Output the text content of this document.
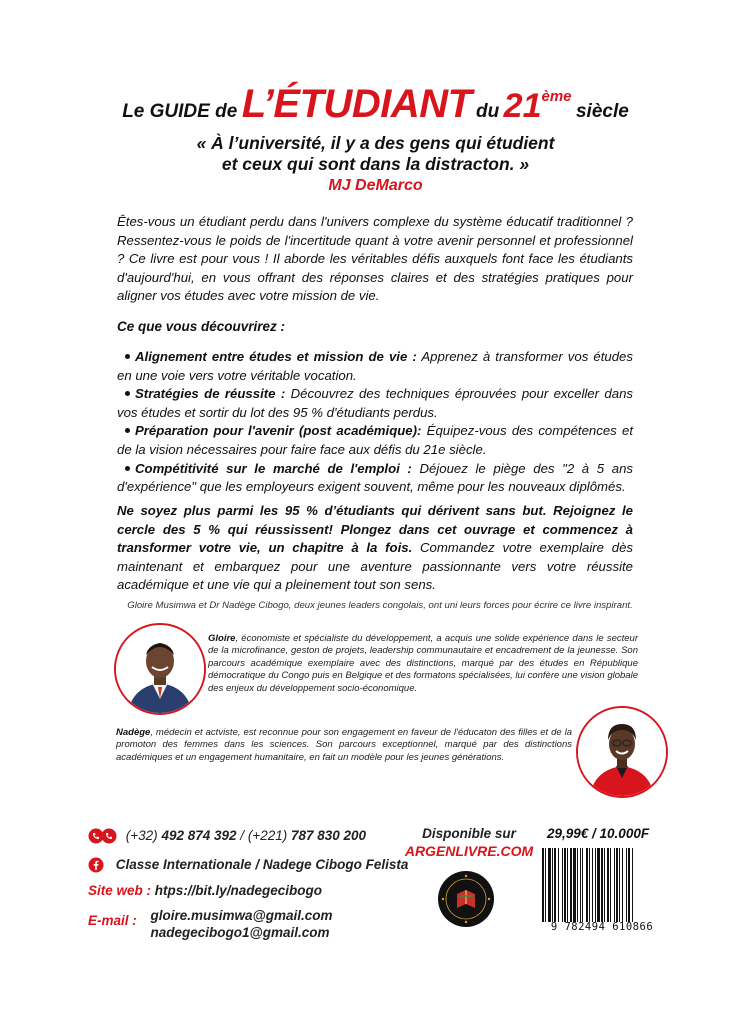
Le GUIDE de L’ÉTUDIANT du 21ème siècle
« À l’université, il y a des gens qui étudient
et ceux qui sont dans la distracton. »
MJ DeMarco
Êtes-vous un étudiant perdu dans l'univers complexe du système éducatif traditionnel ? Ressentez-vous le poids de l'incertitude quant à votre avenir personnel et professionnel ? Ce livre est pour vous ! Il aborde les véritables défis auxquels font face les étudiants d'aujourd'hui, en vous offrant des réponses claires et des stratégies pratiques pour aligner vos études avec votre mission de vie.
Ce que vous découvrirez :
Alignement entre études et mission de vie : Apprenez à transformer vos études en une voie vers votre véritable vocation.
Stratégies de réussite : Découvrez des techniques éprouvées pour exceller dans vos études et sortir du lot des 95 % d'étudiants perdus.
Préparation pour l'avenir (post académique): Équipez-vous des compétences et de la vision nécessaires pour faire face aux défis du 21e siècle.
Compétitivité sur le marché de l'emploi : Déjouez le piège des "2 à 5 ans d'expérience" que les employeurs exigent souvent, même pour les nouveaux diplômés.
Ne soyez plus parmi les 95 % d’étudiants qui dérivent sans but. Rejoignez le cercle des 5 % qui réussissent! Plongez dans cet ouvrage et commencez à transformer votre vie, un chapitre à la fois. Commandez votre exemplaire dès maintenant et embarquez pour une aventure passionnante vers votre réussite académique et une vie qui a pleinement tout son sens.
Gloire Musimwa et Dr Nadège Cibogo, deux jeunes leaders congolais, ont uni leurs forces pour écrire ce livre inspirant.
Gloire, économiste et spécialiste du développement, a acquis une solide expérience dans le secteur de la microfinance, geston de projets, leadership communautaire et encadrement de la jeunesse. Son parcours académique exemplaire avec des distinctions, marqué par des études en République démocratique du Congo puis en Belgique et des formatons spécialisées, lui confère une vision globale des enjeux du développement socio-économique.
Nadège, médecin et actviste, est reconnue pour son engagement en faveur de l'éducaton des filles et de la promoton des femmes dans les sciences. Son parcours exceptionnel, marqué par des distinctions académiques et un engagement humanitaire, en fait un modèle pour les jeunes générations.
(+32) 492 874 392 / (+221) 787 830 200
Classe Internationale / Nadege Cibogo Felista
Site web : htps://bit.ly/nadegecibogo
E-mail : gloire.musimwa@gmail.com
nadegecibogo1@gmail.com
Disponible sur
ARGENLIVRE.COM
29,99€ / 10.000F
9 782494 610866
